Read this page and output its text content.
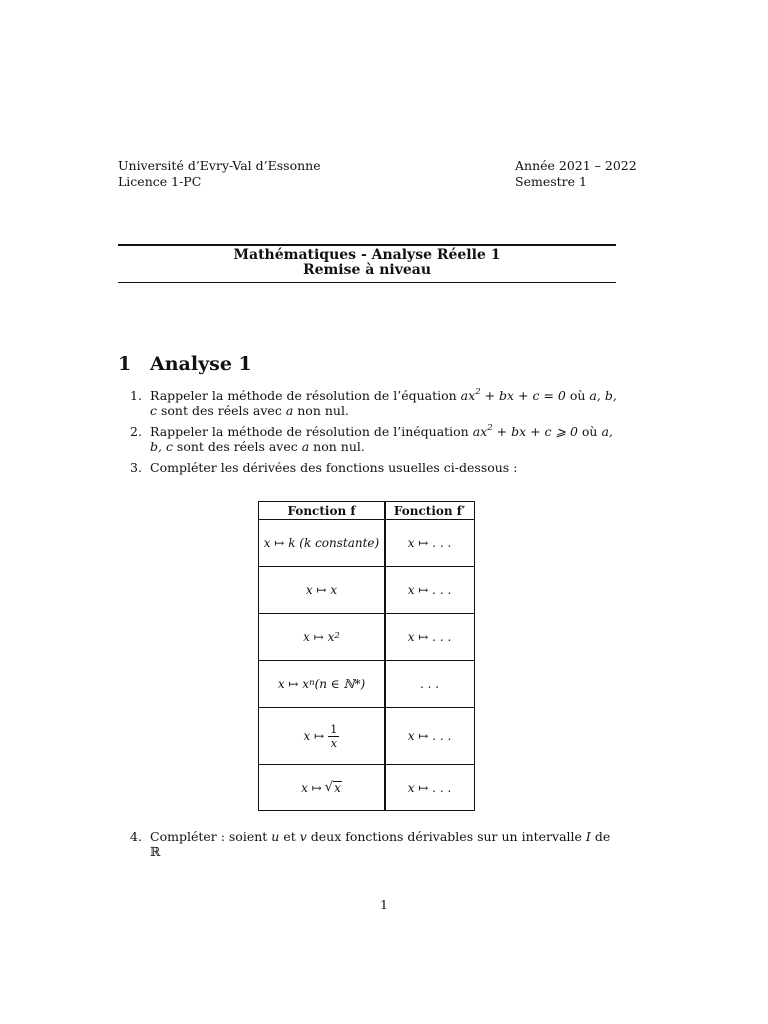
Université d’Evry-Val d’Essonne
Licence 1-PC
Année 2021 – 2022
Semestre 1
Mathématiques - Analyse Réelle 1
Remise à niveau
1 Analyse 1
1. Rappeler la méthode de résolution de l’équation $ax^2$ + bx + c = 0 où a, b, c sont des réels avec a non nul.
2. Rappeler la méthode de résolution de l’inéquation $ax^2$ + bx + c ⩾ 0 où a, b, c sont des réels avec a non nul.
3. Compléter les dérivées des fonctions usuelles ci-dessous :
Fonction f	Fonction f′
x ↦ k (k constante)	x ↦ . . .
x ↦ x	x ↦ . . .
x ↦ $x^2$	x ↦ . . .
x ↦ $x^n$ (n ∈ ℕ*)	. . .
x ↦ $\frac{1}{x}$	x ↦ . . .
x ↦ √ x	x ↦ . . .
4. Compléter : soient u et v deux fonctions dérivables sur un intervalle I de ℝ
1
